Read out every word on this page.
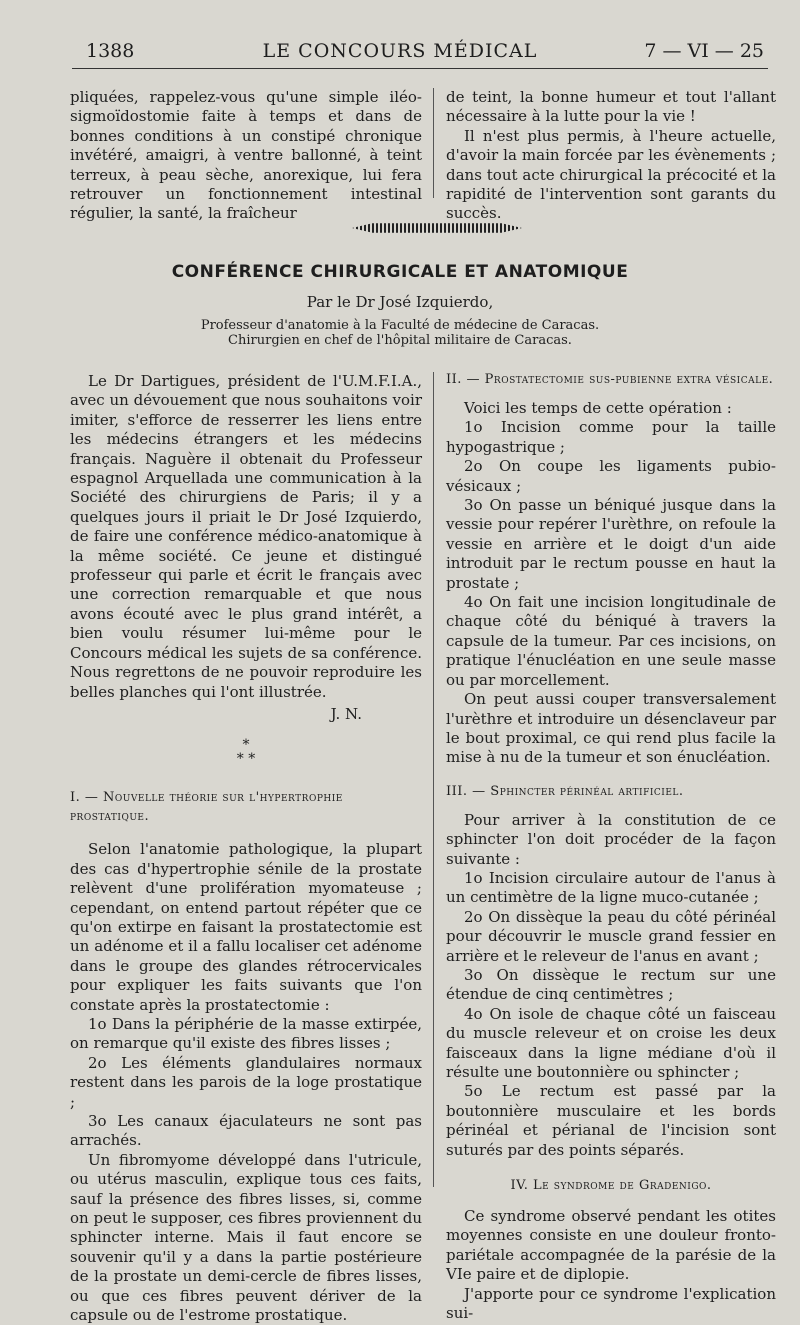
1388	LE CONCOURS MÉDICAL	7 — VI — 25

pliquées, rappelez-vous qu'une simple iléo-sigmoïdostomie faite à temps et dans de bonnes conditions à un constipé chronique invétéré, amaigri, à ventre ballonné, à teint terreux, à peau sèche, anorexique, lui fera retrouver un fonctionnement intestinal régulier, la santé, la fraîcheur

de teint, la bonne humeur et tout l'allant nécessaire à la lutte pour la vie !

Il n'est plus permis, à l'heure actuelle, d'avoir la main forcée par les évènements ; dans tout acte chirurgical la précocité et la rapidité de l'intervention sont garants du succès.

CONFÉRENCE CHIRURGICALE ET ANATOMIQUE
Par le Dr José Izquierdo,
Professeur d'anatomie à la Faculté de médecine de Caracas.
Chirurgien en chef de l'hôpital militaire de Caracas.

Le Dr Dartigues, président de l'U.M.F.I.A., avec un dévouement que nous souhaitons voir imiter, s'efforce de resserrer les liens entre les médecins étrangers et les médecins français. Naguère il obtenait du Professeur espagnol Arquellada une communication à la Société des chirurgiens de Paris; il y a quelques jours il priait le Dr José Izquierdo, de faire une conférence médico-anatomique à la même société. Ce jeune et distingué professeur qui parle et écrit le français avec une correction remarquable et que nous avons écouté avec le plus grand intérêt, a bien voulu résumer lui-même pour le Concours médical les sujets de sa conférence. Nous regrettons de ne pouvoir reproduire les belles planches qui l'ont illustrée.

J. N.

*
* *

I. — Nouvelle théorie sur l'hypertrophie prostatique.

Selon l'anatomie pathologique, la plupart des cas d'hypertrophie sénile de la prostate relèvent d'une prolifération myomateuse ; cependant, on entend partout répéter que ce qu'on extirpe en faisant la prostatectomie est un adénome et il a fallu localiser cet adénome dans le groupe des glandes rétrocervicales pour expliquer les faits suivants que l'on constate après la prostatectomie :

1o Dans la périphérie de la masse extirpée, on remarque qu'il existe des fibres lisses ;

2o Les éléments glandulaires normaux restent dans les parois de la loge prostatique ;

3o Les canaux éjaculateurs ne sont pas arrachés.

Un fibromyome développé dans l'utricule, ou utérus masculin, explique tous ces faits, sauf la présence des fibres lisses, si, comme on peut le supposer, ces fibres proviennent du sphincter interne. Mais il faut encore se souvenir qu'il y a dans la partie postérieure de la prostate un demi-cercle de fibres lisses, ou que ces fibres peuvent dériver de la capsule ou de l'estrome prostatique.

II. — Prostatectomie sus-pubienne extra vésicale.

Voici les temps de cette opération :

1o Incision comme pour la taille hypogastrique ;

2o On coupe les ligaments pubio-vésicaux ;

3o On passe un béniqué jusque dans la vessie pour repérer l'urèthre, on refoule la vessie en arrière et le doigt d'un aide introduit par le rectum pousse en haut la prostate ;

4o On fait une incision longitudinale de chaque côté du béniqué à travers la capsule de la tumeur. Par ces incisions, on pratique l'énucléation en une seule masse ou par morcellement.

On peut aussi couper transversalement l'urèthre et introduire un désenclaveur par le bout proximal, ce qui rend plus facile la mise à nu de la tumeur et son énucléation.

III. — Sphincter périnéal artificiel.

Pour arriver à la constitution de ce sphincter l'on doit procéder de la façon suivante :

1o Incision circulaire autour de l'anus à un centimètre de la ligne muco-cutanée ;

2o On dissèque la peau du côté périnéal pour découvrir le muscle grand fessier en arrière et le releveur de l'anus en avant ;

3o On dissèque le rectum sur une étendue de cinq centimètres ;

4o On isole de chaque côté un faisceau du muscle releveur et on croise les deux faisceaux dans la ligne médiane d'où il résulte une boutonnière ou sphincter ;

5o Le rectum est passé par la boutonnière musculaire et les bords périnéal et périanal de l'incision sont suturés par des points séparés.

IV. Le syndrome de Gradenigo.

Ce syndrome observé pendant les otites moyennes consiste en une douleur fronto-pariétale accompagnée de la parésie de la VIe paire et de diplopie.

J'apporte pour ce syndrome l'explication sui-
